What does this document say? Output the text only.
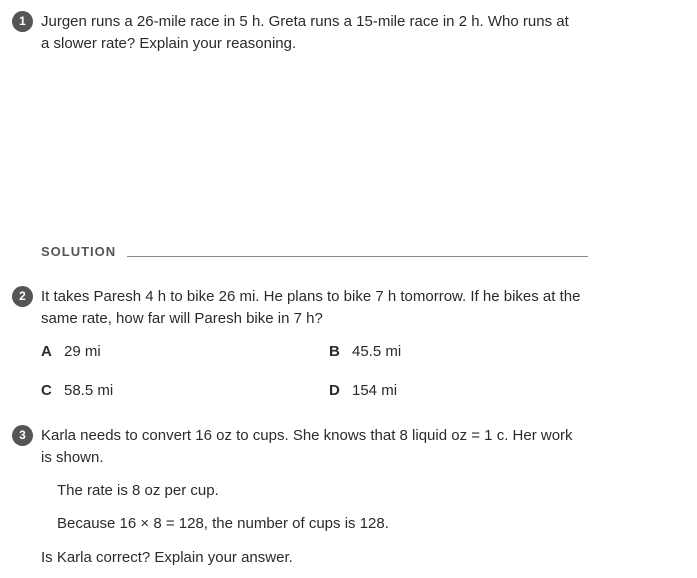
1	Jurgen runs a 26-mile race in 5 h. Greta runs a 15-mile race in 2 h. Who runs at a slower rate? Explain your reasoning.
SOLUTION
2	It takes Paresh 4 h to bike 26 mi. He plans to bike 7 h tomorrow. If he bikes at the same rate, how far will Paresh bike in 7 h?
A 29 mi	B 45.5 mi
C 58.5 mi	D 154 mi
3	Karla needs to convert 16 oz to cups. She knows that 8 liquid oz = 1 c. Her work is shown.
The rate is 8 oz per cup.
Because 16 × 8 = 128, the number of cups is 128.
Is Karla correct? Explain your answer.
